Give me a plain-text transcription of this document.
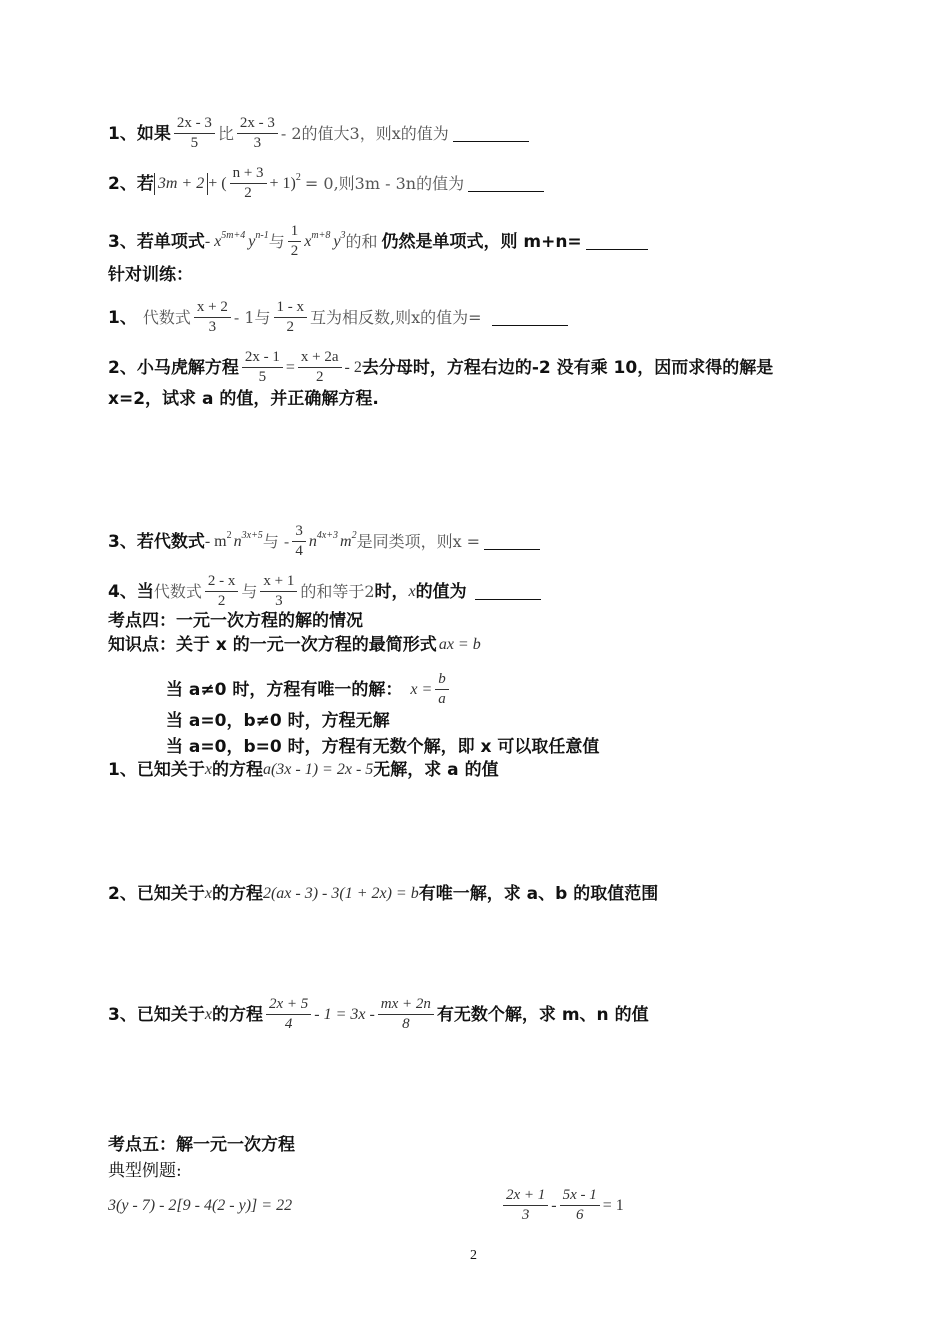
1、如果 $\frac{2x - 3}{5}$ 比 $\frac{2x - 3}{3} - 2$的值大3，则x的值为
2、若 3m + 2 + ( $\frac{n + 3}{2} + 1)^2 = 0$,则3m - 3n的值为
3、若单项式 - $x^{5m+4}$ $y^{n-1}$ 与 $\frac{1}{2} x^{m+8}$ $y^3$ 的和 仍然是单项式，则 m+n=
针对训练：
1、 代数式 $\frac{x + 2}{3} - 1$与 $\frac{1 - x}{2}$ 互为相反数,则x的值为=
2、小马虎解方程 $\frac{2x - 1}{5} = \frac{x + 2a}{2} - 2$ 去分母时，方程右边的-2 没有乘 10，因而求得的解是
x=2，试求 a 的值，并正确解方程.
3、若代数式 - $m^2$ $n^{3x+5}$ 与 - $\frac{3}{4} n^{4x+3}$ $m^2$ 是同类项，则x =
4、当 代数式 $\frac{2 - x}{2}$ 与 $\frac{x + 1}{3}$ 的和等于2 时， x 的值为
考点四：一元一次方程的解的情况
知识点：关于 x 的一元一次方程的最简形式 ax = b
当 a≠0 时，方程有唯一的解： $x = \frac{b}{a}$
当 a=0，b≠0 时，方程无解
当 a=0，b=0 时，方程有无数个解，即 x 可以取任意值
1、已知关于 x 的方程 a(3x - 1) = 2x - 5 无解，求 a 的值
2、已知关于 x 的方程 2(ax - 3) - 3(1 + 2x) = b 有唯一解，求 a、b 的取值范围
3、已知关于 x 的方程 $\frac{2x + 5}{4} - 1 = 3x - \frac{mx + 2n}{8}$ 有无数个解，求 m、n 的值
考点五：解一元一次方程
典型例题:
3(y - 7) - 2[9 - 4(2 - y)] = 22	$\frac{2x + 1}{3} - \frac{5x - 1}{6} = 1$
2
